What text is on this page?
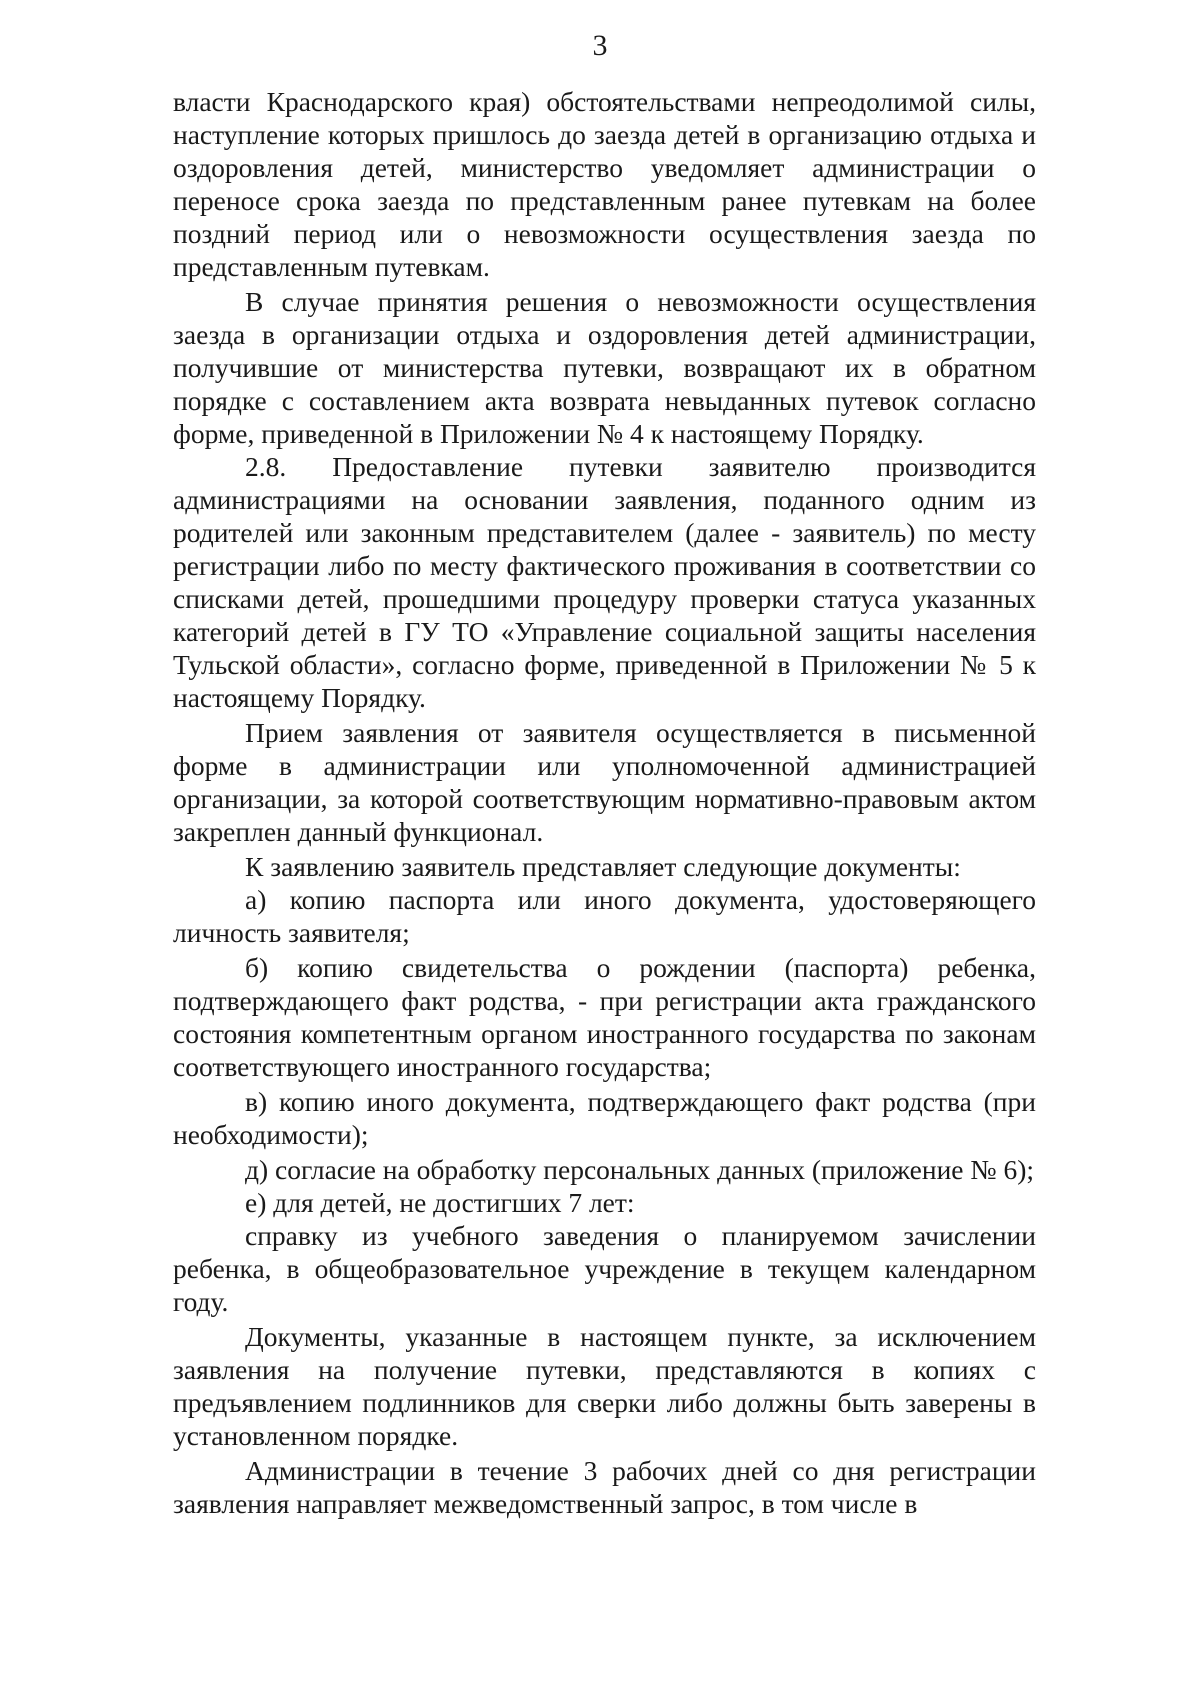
3

власти Краснодарского края) обстоятельствами непреодолимой силы, наступление которых пришлось до заезда детей в организацию отдыха и оздоровления детей, министерство уведомляет администрации о переносе срока заезда по представленным ранее путевкам на более поздний период или о невозможности осуществления заезда по представленным путевкам.

В случае принятия решения о невозможности осуществления заезда в организации отдыха и оздоровления детей администрации, получившие от министерства путевки, возвращают их в обратном порядке с составлением акта возврата невыданных путевок согласно форме, приведенной в Приложении № 4 к настоящему Порядку.

2.8. Предоставление путевки заявителю производится администрациями на основании заявления, поданного одним из родителей или законным представителем (далее - заявитель) по месту регистрации либо по месту фактического проживания в соответствии со списками детей, прошедшими процедуру проверки статуса указанных категорий детей в ГУ ТО «Управление социальной защиты населения Тульской области», согласно форме, приведенной в Приложении № 5 к настоящему Порядку.

Прием заявления от заявителя осуществляется в письменной форме в администрации или уполномоченной администрацией организации, за которой соответствующим нормативно-правовым актом закреплен данный функционал.

К заявлению заявитель представляет следующие документы:

а) копию паспорта или иного документа, удостоверяющего личность заявителя;

б) копию свидетельства о рождении (паспорта) ребенка, подтверждающего факт родства, - при регистрации акта гражданского состояния компетентным органом иностранного государства по законам соответствующего иностранного государства;

в) копию иного документа, подтверждающего факт родства (при необходимости);

д) согласие на обработку персональных данных (приложение № 6);

е) для детей, не достигших 7 лет:

справку из учебного заведения о планируемом зачислении ребенка, в общеобразовательное учреждение в текущем календарном году.

Документы, указанные в настоящем пункте, за исключением заявления на получение путевки, представляются в копиях с предъявлением подлинников для сверки либо должны быть заверены в установленном порядке.

Администрации в течение 3 рабочих дней со дня регистрации заявления направляет межведомственный запрос, в том числе в
